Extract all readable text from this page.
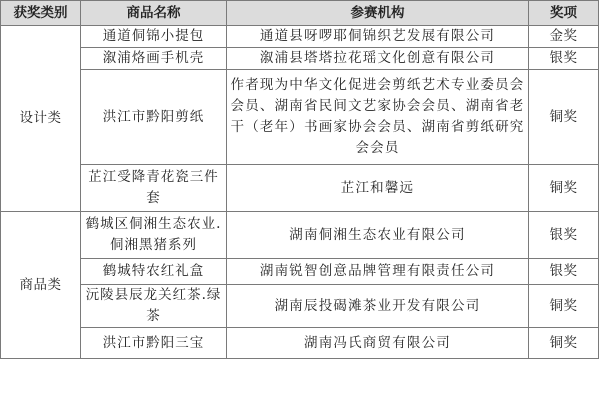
获奖类别	商品名称	参赛机构	奖项
设计类	通道侗锦小提包	通道县呀啰耶侗锦织艺发展有限公司	金奖
	溆浦烙画手机壳	溆浦县塔塔拉花瑶文化创意有限公司	银奖
	洪江市黔阳剪纸	作者现为中华文化促进会剪纸艺术专业委员会会员、湖南省民间文艺家协会会员、湖南省老干（老年）书画家协会会员、湖南省剪纸研究会会员	铜奖
	芷江受降青花瓷三件套	芷江和馨远	铜奖
商品类	鹤城区侗湘生态农业.侗湘黑猪系列	湖南侗湘生态农业有限公司	银奖
	鹤城特农红礼盒	湖南锐智创意品牌管理有限责任公司	银奖
	沅陵县辰龙关红茶.绿茶	湖南辰投碣滩茶业开发有限公司	铜奖
	洪江市黔阳三宝	湖南冯氏商贸有限公司	铜奖
